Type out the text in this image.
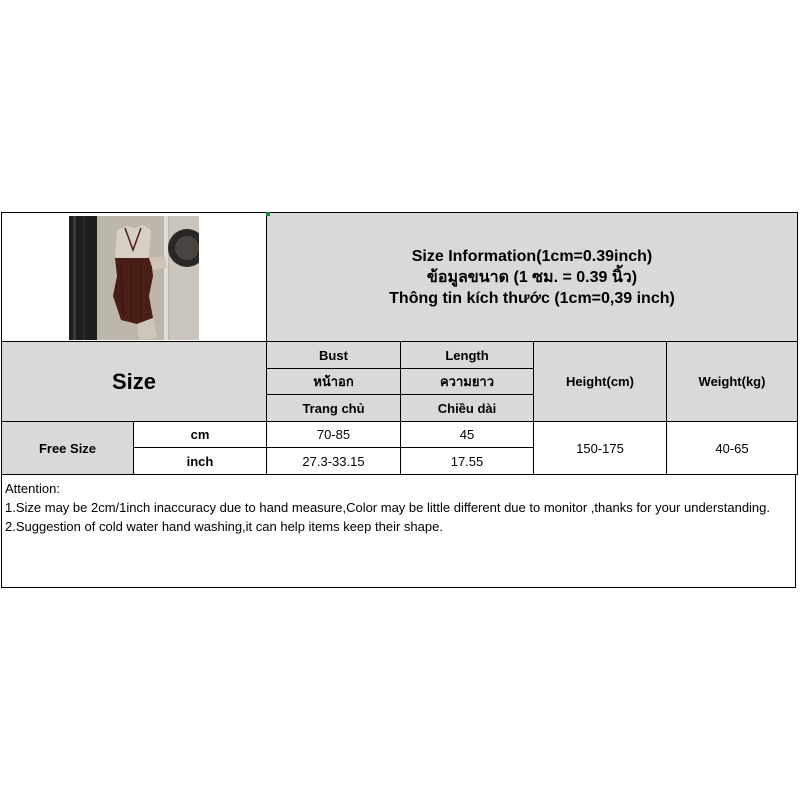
Size Information(1cm=0.39inch)
ข้อมูลขนาด (1 ซม. = 0.39 นิ้ว)
Thông tin kích thước (1cm=0,39 inch)			

Size		Bust	Length	Height(cm)	Weight(kg)
		หน้าอก	ความยาว		
		Trang chủ	Chiều dài		
Free Size	cm	70-85	45	150-175	40-65
	inch	27.3-33.15	17.55		
Attention:
1.Size may be 2cm/1inch inaccuracy due to hand measure,Color may be little different due to monitor ,thanks for your understanding.
2.Suggestion of cold water hand washing,it can help items keep their shape.
